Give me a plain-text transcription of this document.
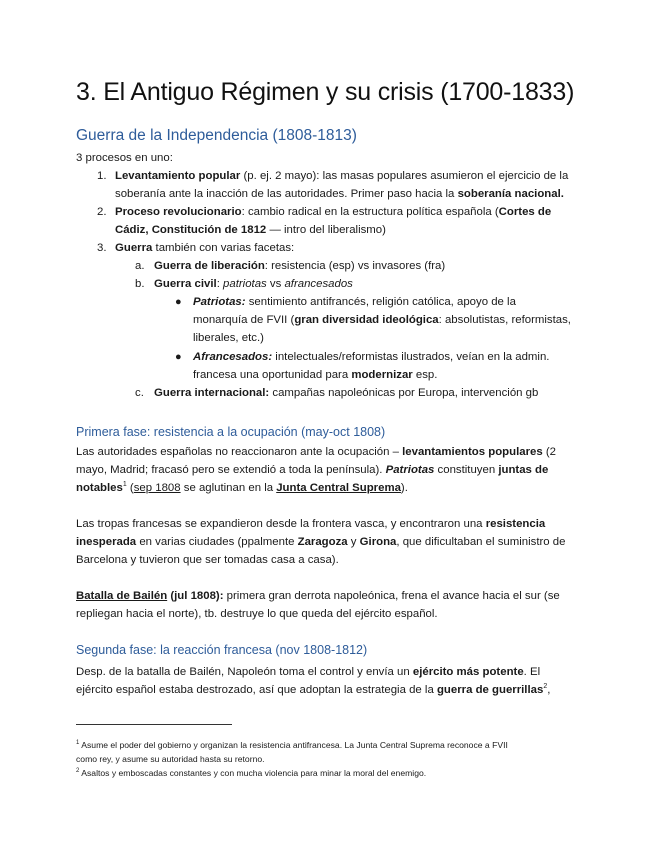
3. El Antiguo Régimen y su crisis (1700-1833)
Guerra de la Independencia (1808-1813)

3 procesos en uno:

1. Levantamiento popular (p. ej. 2 mayo): las masas populares asumieron el ejercicio de la

soberanía ante la inacción de las autoridades. Primer paso hacia la soberanía nacional.

2. Proceso revolucionario: cambio radical en la estructura política española (Cortes de

Cádiz, Constitución de 1812 — intro del liberalismo)

3. Guerra también con varias facetas:

a. Guerra de liberación: resistencia (esp) vs invasores (fra)

b. Guerra civil: patriotas vs afrancesados

● Patriotas: sentimiento antifrancés, religión católica, apoyo de la

monarquía de FVII (gran diversidad ideológica: absolutistas, reformistas,

liberales, etc.)

● Afrancesados: intelectuales/reformistas ilustrados, veían en la admin.

francesa una oportunidad para modernizar esp.

c. Guerra internacional: campañas napoleónicas por Europa, intervención gb

Primera fase: resistencia a la ocupación (may-oct 1808)

Las autoridades españolas no reaccionaron ante la ocupación – levantamientos populares (2

mayo, Madrid; fracasó pero se extendió a toda la península). Patriotas constituyen juntas de

notables$^1$ (sep 1808 se aglutinan en la Junta Central Suprema).

Las tropas francesas se expandieron desde la frontera vasca, y encontraron una resistencia

inesperada en varias ciudades (ppalmente Zaragoza y Girona, que dificultaban el suministro de

Barcelona y tuvieron que ser tomadas casa a casa).

Batalla de Bailén (jul 1808): primera gran derrota napoleónica, frena el avance hacia el sur (se

repliegan hacia el norte), tb. destruye lo que queda del ejército español.

Segunda fase: la reacción francesa (nov 1808-1812)

Desp. de la batalla de Bailén, Napoleón toma el control y envía un ejército más potente. El

ejército español estaba destrozado, así que adoptan la estrategia de la guerra de guerrillas$^2$,

$^1$ Asume el poder del gobierno y organizan la resistencia antifrancesa. La Junta Central Suprema reconoce a FVII

como rey, y asume su autoridad hasta su retorno.

$^2$ Asaltos y emboscadas constantes y con mucha violencia para minar la moral del enemigo.
